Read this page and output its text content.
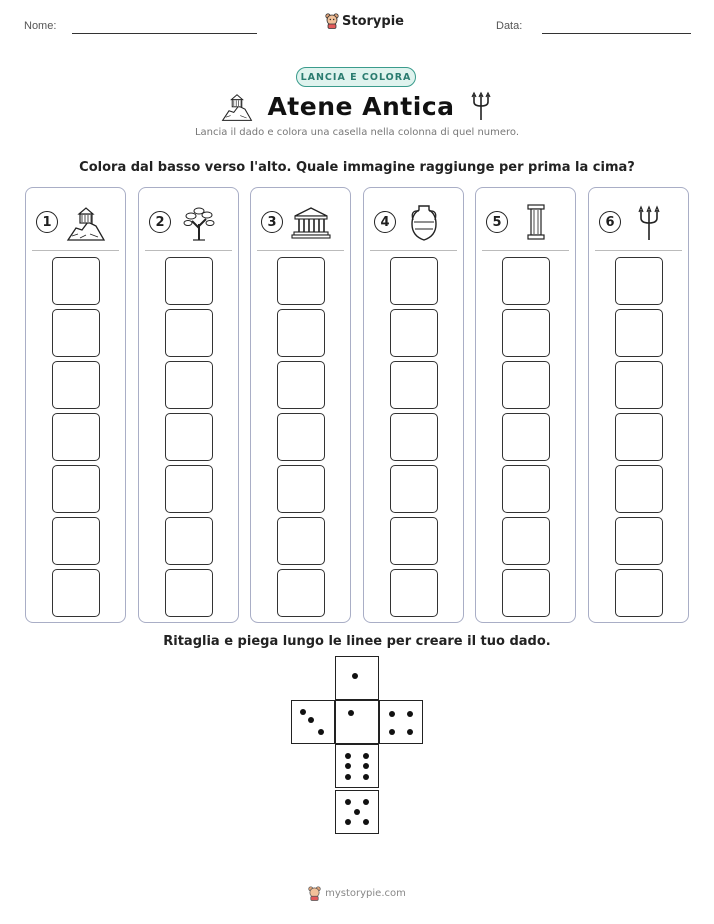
Nome:	Storypie	Data:
LANCIA E COLORA
Atene Antica
Lancia il dado e colora una casella nella colonna di quel numero.
Colora dal basso verso l'alto. Quale immagine raggiunge per prima la cima?
1	2	3	4	5	6
Ritaglia e piega lungo le linee per creare il tuo dado.
mystorypie.com
